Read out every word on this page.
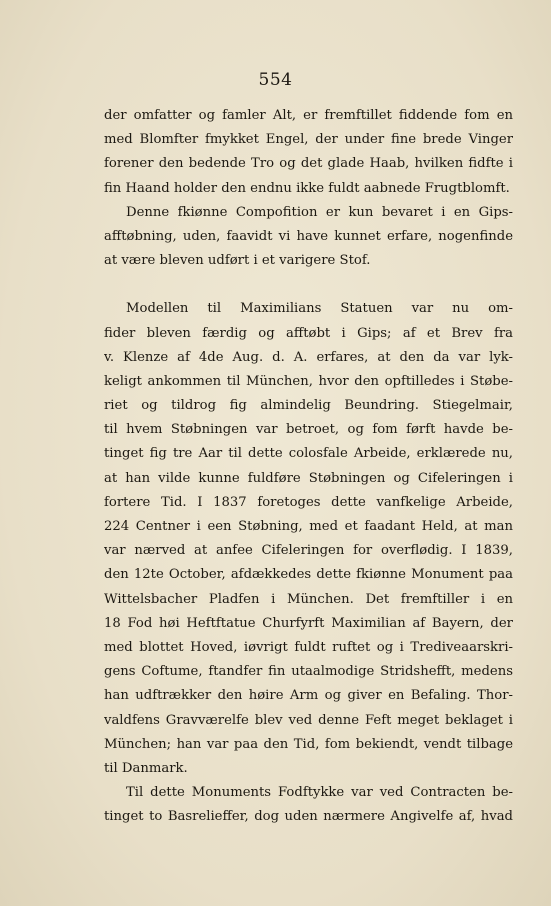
554
der omfatter og famler Alt, er fremftillet fiddende fom en
med Blomfter fmykket Engel, der under fine brede Vinger
forener den bedende Tro og det glade Haab, hvilken fidfte i
fin Haand holder den endnu ikke fuldt aabnede Frugtblomft.
Denne fkiønne Compofition er kun bevaret i en Gips-
afftøbning, uden, faavidt vi have kunnet erfare, nogenfinde
at være bleven udført i et varigere Stof.
Modellen til Maximilians Statuen var nu om-
fider bleven færdig og afftøbt i Gips; af et Brev fra
v. Klenze af 4de Aug. d. A. erfares, at den da var lyk-
keligt ankommen til München, hvor den opftilledes i Støbe-
riet og tildrog fig almindelig Beundring. Stiegelmair,
til hvem Støbningen var betroet, og fom førft havde be-
tinget fig tre Aar til dette colosfale Arbeide, erklærede nu,
at han vilde kunne fuldføre Støbningen og Cifeleringen i
fortere Tid. I 1837 foretoges dette vanfkelige Arbeide,
224 Centner i een Støbning, med et faadant Held, at man
var nærved at anfee Cifeleringen for overflødig. I 1839,
den 12te October, afdækkedes dette fkiønne Monument paa
Wittelsbacher Pladfen i München. Det fremftiller i en
18 Fod høi Heftftatue Churfyrft Maximilian af Bayern, der
med blottet Hoved, iøvrigt fuldt ruftet og i Trediveaarskri-
gens Coftume, ftandfer fin utaalmodige Stridshefft, medens
han udftrækker den høire Arm og giver en Befaling. Thor-
valdfens Gravværelfe blev ved denne Feft meget beklaget i
München; han var paa den Tid, fom bekiendt, vendt tilbage
til Danmark.
Til dette Monuments Fodftykke var ved Contracten be-
tinget to Basrelieffer, dog uden nærmere Angivelfe af, hvad
